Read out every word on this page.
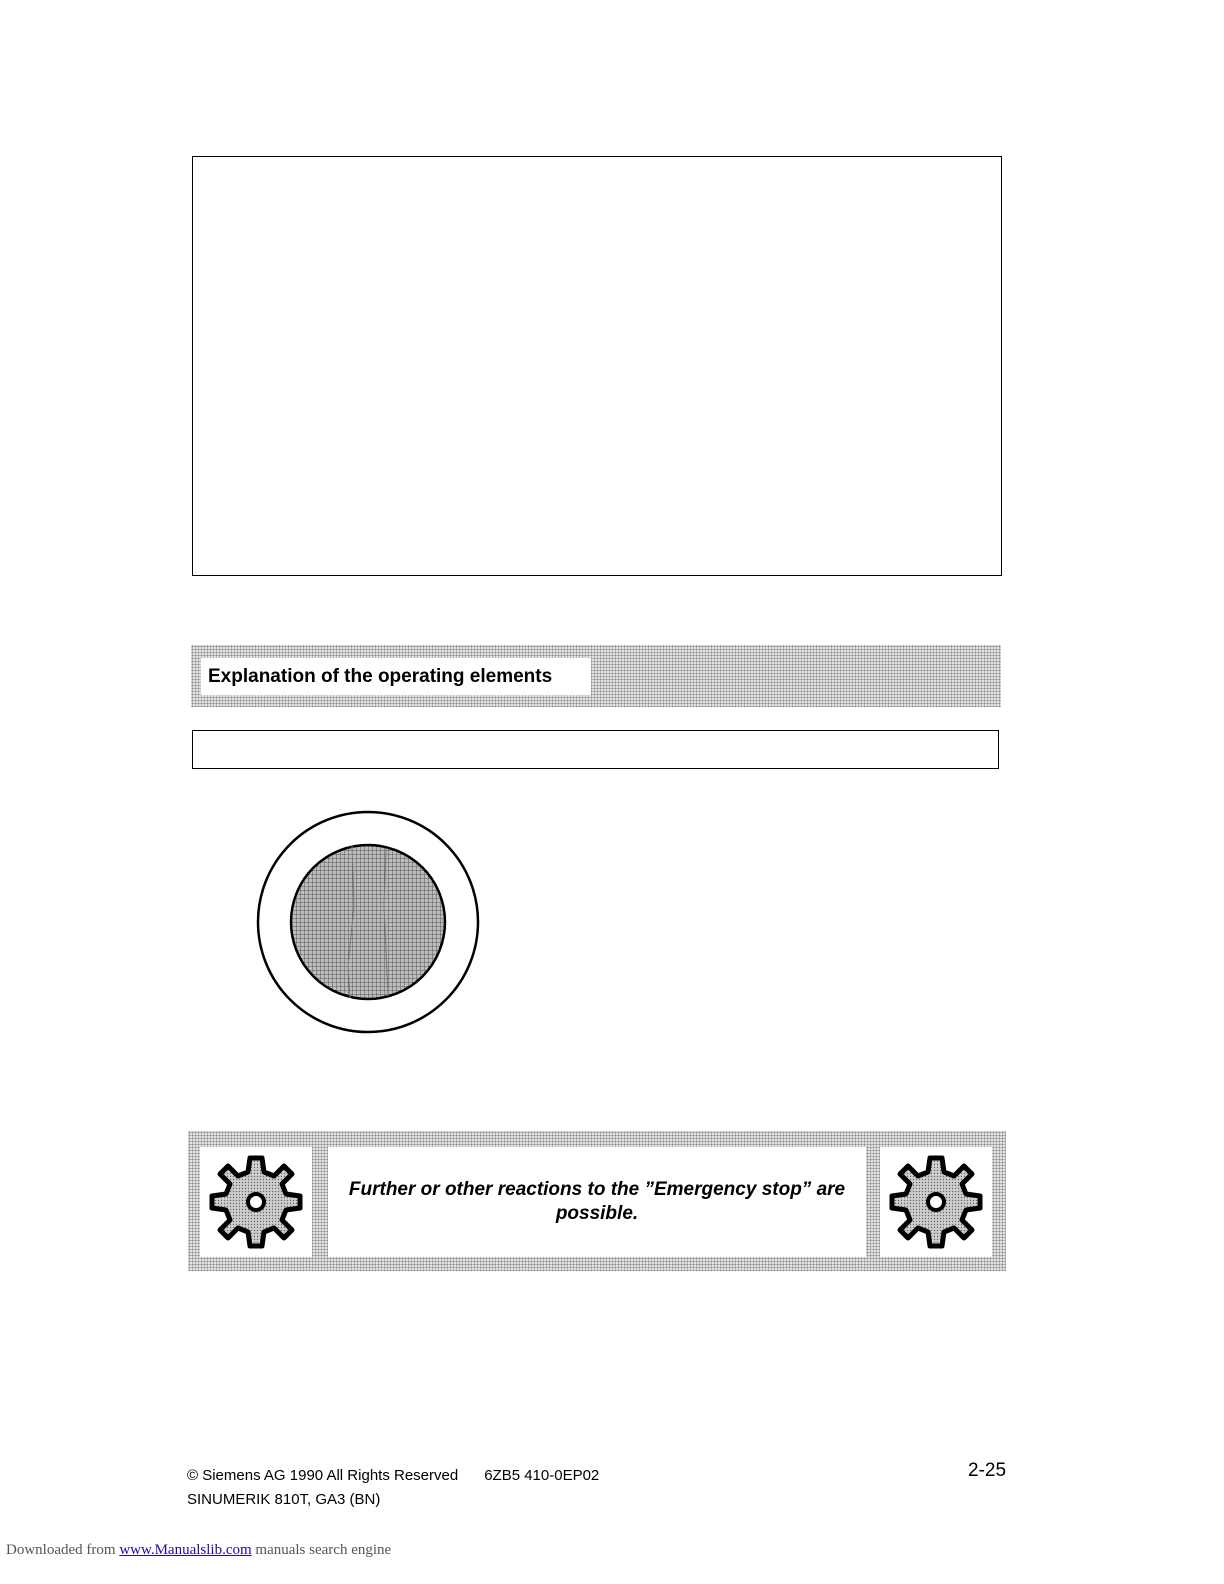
Explanation of the operating elements
Further or other reactions to the ”Emergency stop” are possible.
© Siemens AG 1990 All Rights Reserved 6ZB5 410-0EP02
SINUMERIK 810T, GA3 (BN)
2-25
Downloaded from www.Manualslib.com manuals search engine
